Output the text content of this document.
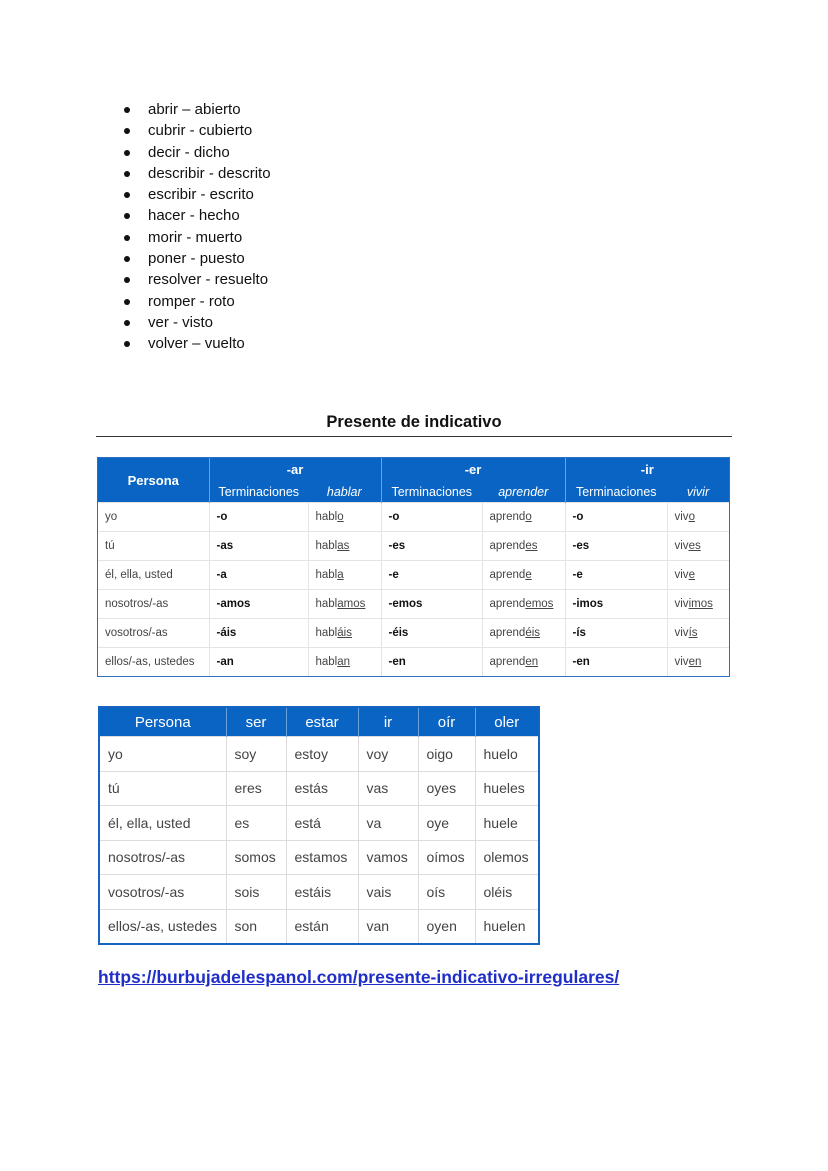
abrir – abierto
cubrir - cubierto
decir - dicho
describir - descrito
escribir - escrito
hacer - hecho
morir - muerto
poner - puesto
resolver - resuelto
romper - roto
ver - visto
volver – vuelto
Presente de indicativo
Persona	-ar		-er		-ir	
	Terminaciones	hablar	Terminaciones	aprender	Terminaciones	vivir
yo	-o	hablo	-o	aprendo	-o	vivo
tú	-as	hablas	-es	aprendes	-es	vives
él, ella, usted	-a	habla	-e	aprende	-e	vive
nosotros/-as	-amos	hablamos	-emos	aprendemos	-imos	vivimos
vosotros/-as	-áis	habláis	-éis	aprendéis	-ís	vivís
ellos/-as, ustedes	-an	hablan	-en	aprenden	-en	viven
Persona	ser	estar	ir	oír	oler
yo	soy	estoy	voy	oigo	huelo
tú	eres	estás	vas	oyes	hueles
él, ella, usted	es	está	va	oye	huele
nosotros/-as	somos	estamos	vamos	oímos	olemos
vosotros/-as	sois	estáis	vais	oís	oléis
ellos/-as, ustedes	son	están	van	oyen	huelen
https://burbujadelespanol.com/presente-indicativo-irregulares/
